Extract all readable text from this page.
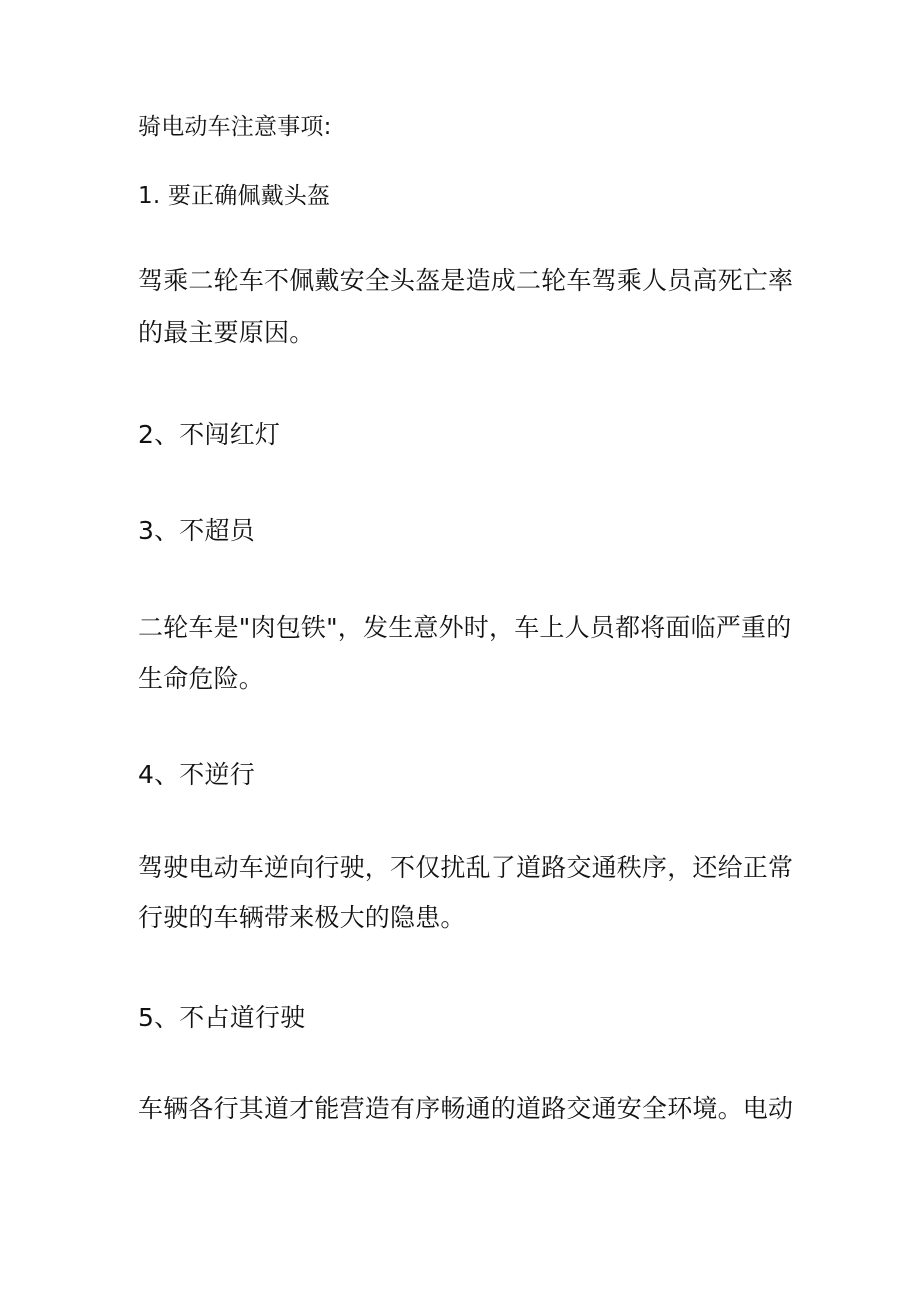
骑电动车注意事项:
1. 要正确佩戴头盔
驾乘二轮车不佩戴安全头盔是造成二轮车驾乘人员高死亡率
的最主要原因。
2、不闯红灯
3、不超员
二轮车是"肉包铁"，发生意外时，车上人员都将面临严重的
生命危险。
4、不逆行
驾驶电动车逆向行驶，不仅扰乱了道路交通秩序，还给正常
行驶的车辆带来极大的隐患。
5、不占道行驶
车辆各行其道才能营造有序畅通的道路交通安全环境。电动
